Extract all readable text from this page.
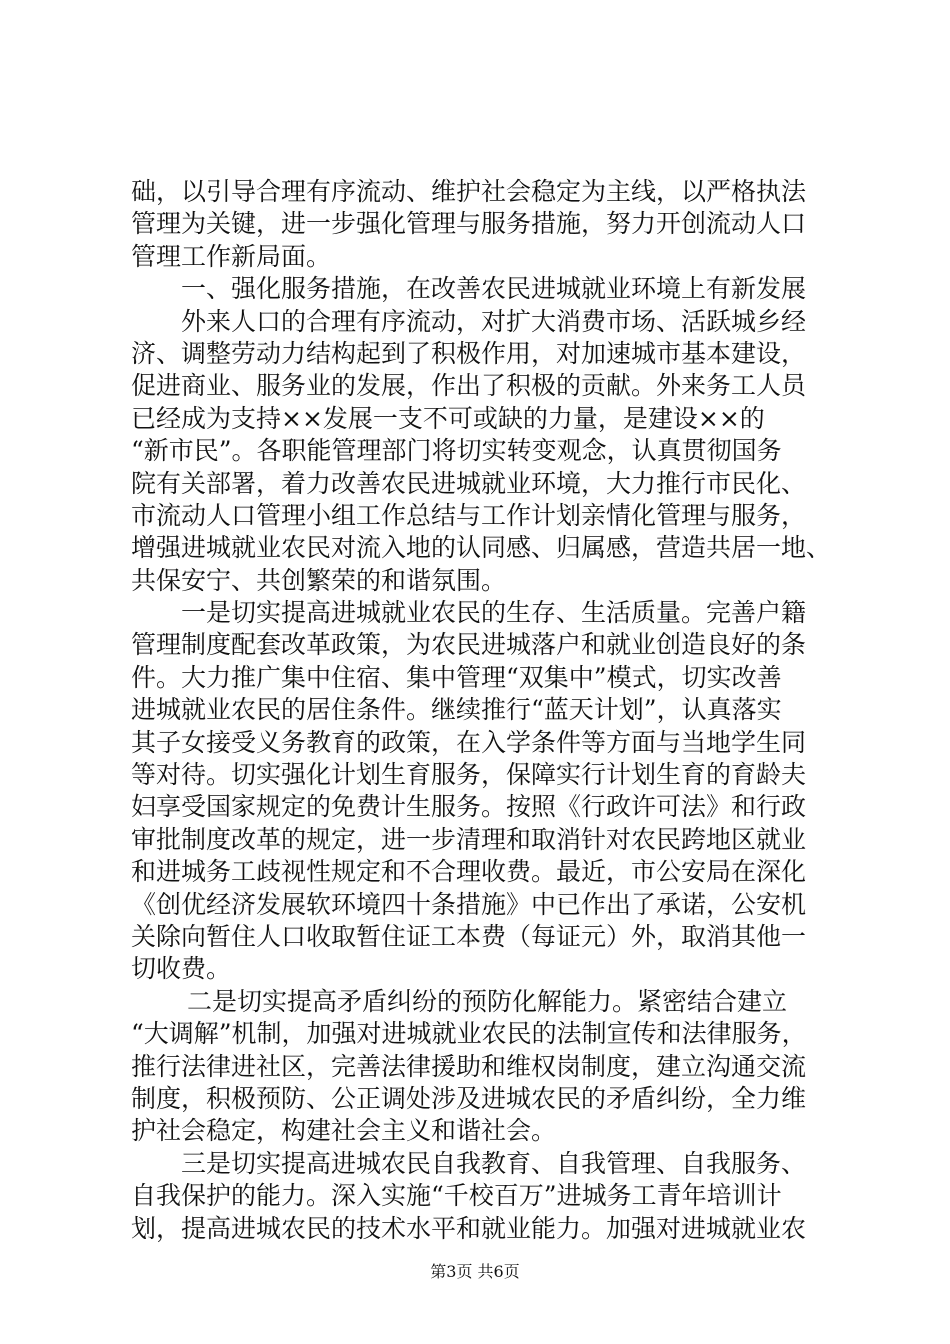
础，以引导合理有序流动、维护社会稳定为主线，以严格执法
管理为关键，进一步强化管理与服务措施，努力开创流动人口
管理工作新局面。
一、强化服务措施，在改善农民进城就业环境上有新发展
外来人口的合理有序流动，对扩大消费市场、活跃城乡经
济、调整劳动力结构起到了积极作用，对加速城市基本建设，
促进商业、服务业的发展，作出了积极的贡献。外来务工人员
已经成为支持××发展一支不可或缺的力量，是建设××的
“新市民”。各职能管理部门将切实转变观念，认真贯彻国务
院有关部署，着力改善农民进城就业环境，大力推行市民化、
市流动人口管理小组工作总结与工作计划亲情化管理与服务，
增强进城就业农民对流入地的认同感、归属感，营造共居一地、
共保安宁、共创繁荣的和谐氛围。
一是切实提高进城就业农民的生存、生活质量。完善户籍
管理制度配套改革政策，为农民进城落户和就业创造良好的条
件。大力推广集中住宿、集中管理“双集中”模式，切实改善
进城就业农民的居住条件。继续推行“蓝天计划”，认真落实
其子女接受义务教育的政策，在入学条件等方面与当地学生同
等对待。切实强化计划生育服务，保障实行计划生育的育龄夫
妇享受国家规定的免费计生服务。按照《行政许可法》和行政
审批制度改革的规定，进一步清理和取消针对农民跨地区就业
和进城务工歧视性规定和不合理收费。最近，市公安局在深化
《创优经济发展软环境四十条措施》中已作出了承诺，公安机
关除向暂住人口收取暂住证工本费（每证元）外，取消其他一
切收费。
二是切实提高矛盾纠纷的预防化解能力。紧密结合建立
“大调解”机制，加强对进城就业农民的法制宣传和法律服务，
推行法律进社区，完善法律援助和维权岗制度，建立沟通交流
制度，积极预防、公正调处涉及进城农民的矛盾纠纷，全力维
护社会稳定，构建社会主义和谐社会。
三是切实提高进城农民自我教育、自我管理、自我服务、
自我保护的能力。深入实施“千校百万”进城务工青年培训计
划，提高进城农民的技术水平和就业能力。加强对进城就业农
第3页 共6页
